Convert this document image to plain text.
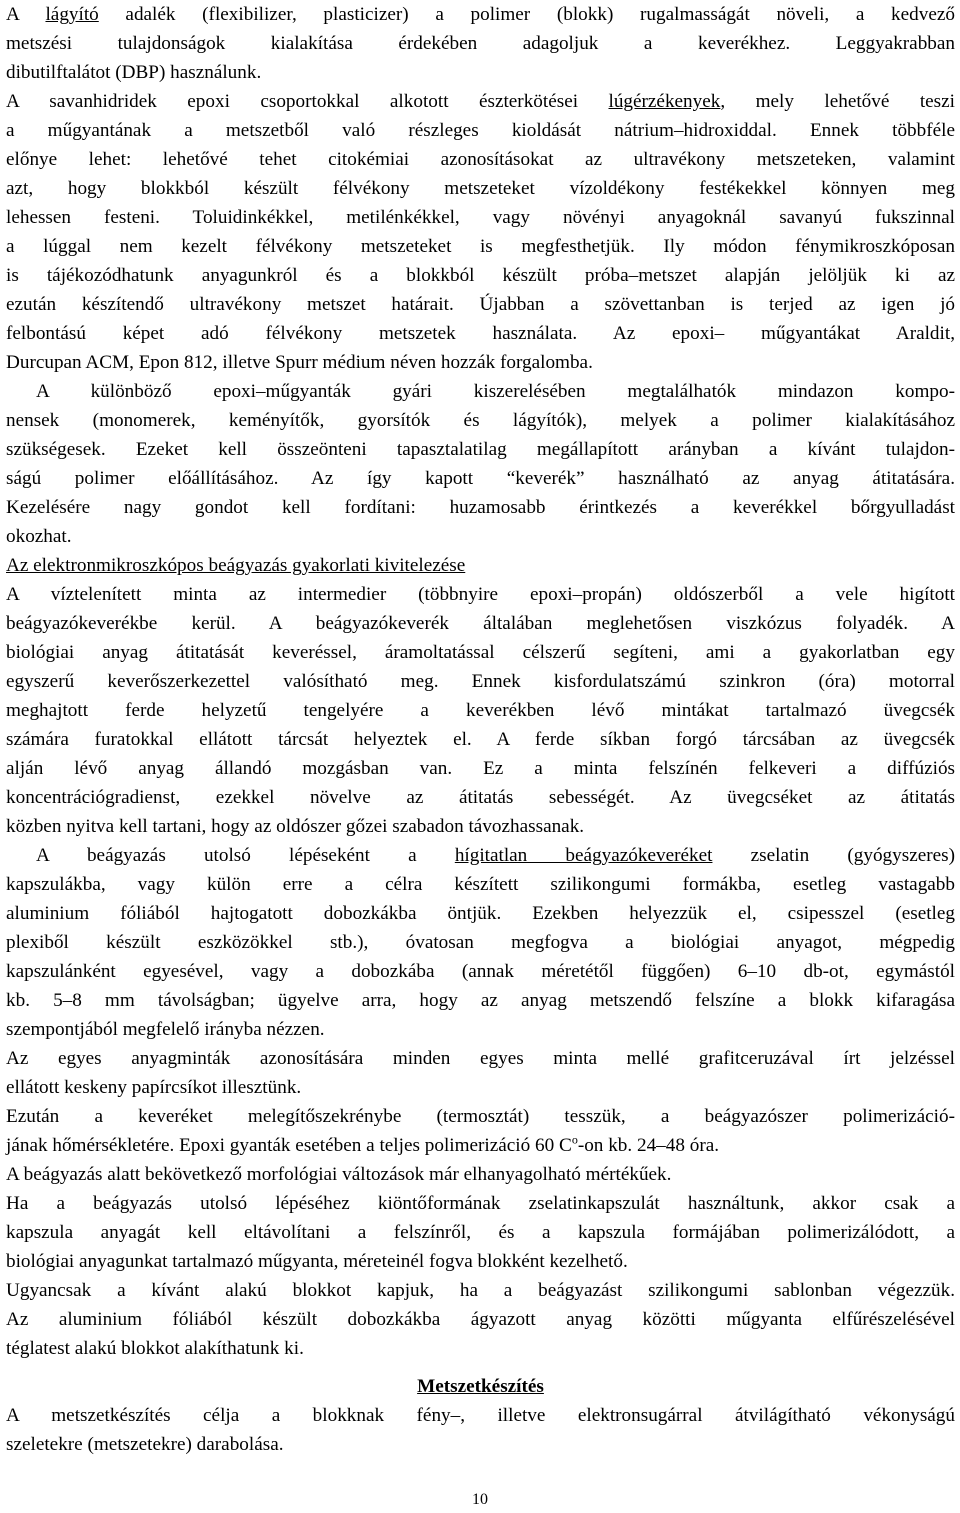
A lágyító adalék (flexibilizer, plasticizer) a polimer (blokk) rugalmasságát növeli, a kedvező
metszési tulajdonságok kialakítása érdekében adagoljuk a keverékhez. Leggyakrabban
dibutilftalátot (DBP) használunk.
A savanhidridek epoxi csoportokkal alkotott észterkötései lúgérzékenyek, mely lehetővé teszi
a műgyantának a metszetből való részleges kioldását nátrium–hidroxiddal. Ennek többféle
előnye lehet: lehetővé tehet citokémiai azonosításokat az ultravékony metszeteken, valamint
azt, hogy blokkból készült félvékony metszeteket vízoldékony festékekkel könnyen meg
lehessen festeni. Toluidinkékkel, metilénkékkel, vagy növényi anyagoknál savanyú fukszinnal
a lúggal nem kezelt félvékony metszeteket is megfesthetjük. Ily módon fénymikroszkóposan
is tájékozódhatunk anyagunkról és a blokkból készült próba–metszet alapján jelöljük ki az
ezután készítendő ultravékony metszet határait. Újabban a szövettanban is terjed az igen jó
felbontású képet adó félvékony metszetek használata. Az epoxi– műgyantákat Araldit,
Durcupan ACM, Epon 812, illetve Spurr médium néven hozzák forgalomba.
A különböző epoxi–műgyanták gyári kiszerelésében megtalálhatók mindazon kompo-
nensek (monomerek, keményítők, gyorsítók és lágyítók), melyek a polimer kialakításához
szükségesek. Ezeket kell összeönteni tapasztalatilag megállapított arányban a kívánt tulajdon-
ságú polimer előállításához. Az így kapott “keverék” használható az anyag átitatására.
Kezelésére nagy gondot kell fordítani: huzamosabb érintkezés a keverékkel bőrgyulladást
okozhat.
Az elektronmikroszkópos beágyazás gyakorlati kivitelezése
A víztelenített minta az intermedier (többnyire epoxi–propán) oldószerből a vele higított
beágyazókeverékbe kerül. A beágyazókeverék általában meglehetősen viszkózus folyadék. A
biológiai anyag átitatását keveréssel, áramoltatással célszerű segíteni, ami a gyakorlatban egy
egyszerű keverőszerkezettel valósítható meg. Ennek kisfordulatszámú szinkron (óra) motorral
meghajtott ferde helyzetű tengelyére a keverékben lévő mintákat tartalmazó üvegcsék
számára furatokkal ellátott tárcsát helyeztek el. A ferde síkban forgó tárcsában az üvegcsék
alján lévő anyag állandó mozgásban van. Ez a minta felszínén felkeveri a diffúziós
koncentrációgradienst, ezekkel növelve az átitatás sebességét. Az üvegcséket az átitatás
közben nyitva kell tartani, hogy az oldószer gőzei szabadon távozhassanak.
A beágyazás utolsó lépéseként a hígitatlan beágyazókeveréket zselatin (gyógyszeres)
kapszulákba, vagy külön erre a célra készített szilikongumi formákba, esetleg vastagabb
aluminium fóliából hajtogatott dobozkákba öntjük. Ezekben helyezzük el, csipesszel (esetleg
plexiből készült eszközökkel stb.), óvatosan megfogva a biológiai anyagot, mégpedig
kapszulánként egyesével, vagy a dobozkába (annak méretétől függően) 6–10 db-ot, egymástól
kb. 5–8 mm távolságban; ügyelve arra, hogy az anyag metszendő felszíne a blokk kifaragása
szempontjából megfelelő irányba nézzen.
Az egyes anyagminták azonosítására minden egyes minta mellé grafitceruzával írt jelzéssel
ellátott keskeny papírcsíkot illesztünk.
Ezután a keveréket melegítőszekrénybe (termosztát) tesszük, a beágyazószer polimerizáció-
jának hőmérsékletére. Epoxi gyanták esetében a teljes polimerizáció 60 $C^o-on$ kb. 24–48 óra.
A beágyazás alatt bekövetkező morfológiai változások már elhanyagolható mértékűek.
Ha a beágyazás utolsó lépéséhez kiöntőformának zselatinkapszulát használtunk, akkor csak a
kapszula anyagát kell eltávolítani a felszínről, és a kapszula formájában polimerizálódott, a
biológiai anyagunkat tartalmazó műgyanta, méreteinél fogva blokként kezelhető.
Ugyancsak a kívánt alakú blokkot kapjuk, ha a beágyazást szilikongumi sablonban végezzük.
Az aluminium fóliából készült dobozkákba ágyazott anyag közötti műgyanta elfűrészelésével
téglatest alakú blokkot alakíthatunk ki.
Metszetkészítés
A metszetkészítés célja a blokknak fény–, illetve elektronsugárral átvilágítható vékonyságú
szeletekre (metszetekre) darabolása.
10
